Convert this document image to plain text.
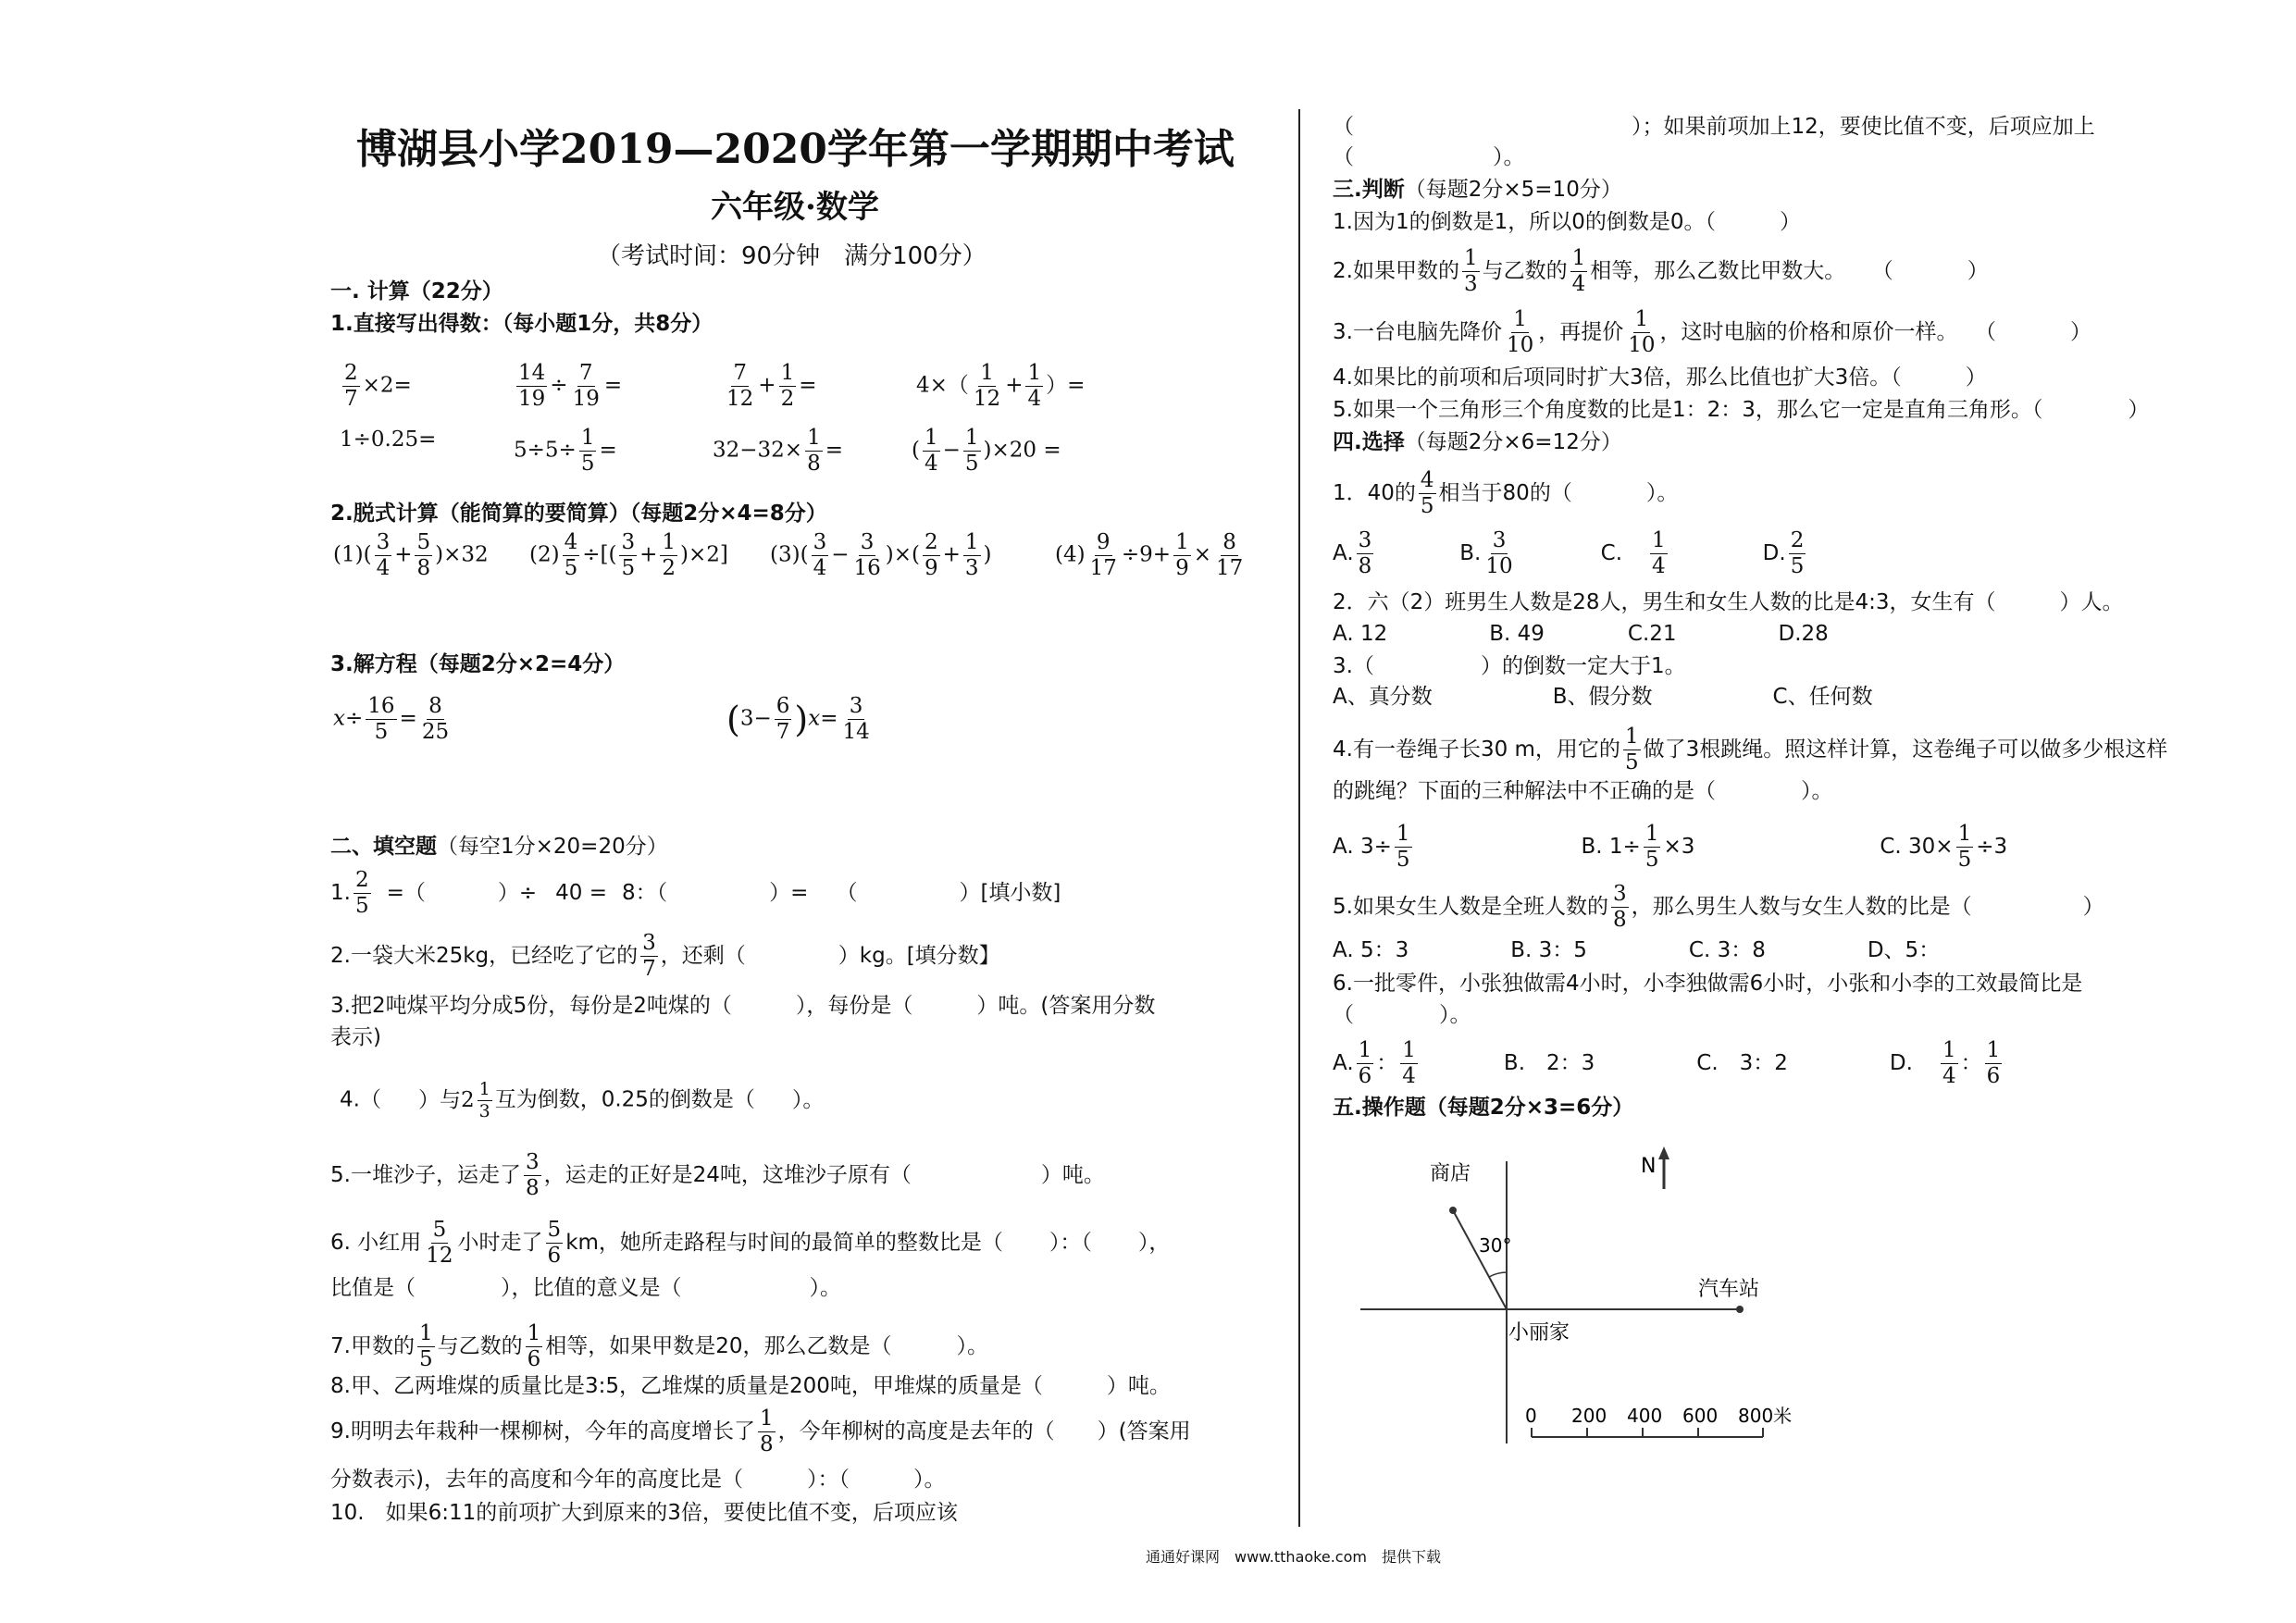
博湖县小学2019—2020学年第一学期期中考试
六年级·数学
（考试时间：90分钟　满分100分）
一. 计算（22分）
1.直接写出得数：（每小题1分，共8分）
$\frac{2}{7} \times 2=$	$\frac{14}{19} \div \frac{7}{19}$ =	$\frac{7}{12} + \frac{1}{2}$ =	$4\times( \frac{1}{12} + \frac{1}{4}$ ）=
1÷0.25=	$5\div 5\div \frac{1}{5}$ =	$32-32\times \frac{1}{8}$ =	( $\frac{1}{4} - \frac{1}{5} )\times 20$ =
2.脱式计算（能简算的要简算）（每题2分×4=8分）
$(1)( \frac{3}{4} + \frac{5}{8} )\times 32$ $(2) \frac{4}{5}$ ÷[( $\frac{3}{5} + \frac{1}{2} )\times 2$] $(3)( \frac{3}{4} - \frac{3}{16}$ )×( $\frac{2}{9} + \frac{1}{3}$ )	$(4) \frac{9}{17} \div 9+ \frac{1}{9} \times \frac{8}{17}$
3.解方程（每题2分×2=4分）
$x\div \frac{16}{5} = \frac{8}{25}$	$(3- \frac{6}{7} )x= \frac{3}{14}$
二、填空题（每空1分×20=20分）
1. $\frac{2}{5}$ =（	）÷ 40 = 8：（	）= （	）[填小数]
2.一袋大米25kg，已经吃了它的 $\frac{3}{7}$ ，还剩（	）kg。[填分数】
3.把2吨煤平均分成5份，每份是2吨煤的（　　　），每份是（　　　）吨。(答案用分数
表示)
4.（ ）与$2 \frac{1}{3}$ 互为倒数，0.25的倒数是（ ）。
5.一堆沙子，运走了 $\frac{3}{8}$ ，运走的正好是24吨，这堆沙子原有（	）吨。
6. 小红用 $\frac{5}{12}$ 小时走了 $\frac{5}{6}$ km，她所走路程与时间的最简单的整数比是（ ）：（ ），
比值是（　　　　），比值的意义是（　　　　　　）。
7.甲数的 $\frac{1}{5}$ 与乙数的 $\frac{1}{6}$ 相等，如果甲数是20，那么乙数是（	）。
8.甲、乙两堆煤的质量比是3:5，乙堆煤的质量是200吨，甲堆煤的质量是（　　　）吨。
9.明明去年栽种一棵柳树，今年的高度增长了 $\frac{1}{8}$ ，今年柳树的高度是去年的（　　）(答案用
分数表示)，去年的高度和今年的高度比是（　　　）：（　　　）。
10.　如果6:11的前项扩大到原来的3倍，要使比值不变，后项应该
（	）；如果前项加上12，要使比值不变，后项应加上
（	）。
三.判断（每题2分×5=10分）
1.因为1的倒数是1，所以0的倒数是0。（　　　）
2.如果甲数的 $\frac{1}{3}$ 与乙数的 $\frac{1}{4}$ 相等，那么乙数比甲数大。 （	）
3.一台电脑先降价 $\frac{1}{10}$ ，再提价 $\frac{1}{10}$ ，这时电脑的价格和原价一样。 （	）
4.如果比的前项和后项同时扩大3倍，那么比值也扩大3倍。（　　　）
5.如果一个三角形三个角度数的比是1：2：3，那么它一定是直角三角形。（　　　　）
四.选择（每题2分×6=12分）
1．40的 $\frac{4}{5}$ 相当于80的（	）。
A. $\frac{3}{8}$	B. $\frac{3}{10}$	C. $\frac{1}{4}$	D. $\frac{2}{5}$
2．六（2）班男生人数是28人，男生和女生人数的比是4:3，女生有（　　　）人。
A. 12	B. 49	C.21	D.28
3.（　　　　　）的倒数一定大于1。
A、真分数	B、假分数	C、任何数
4.有一卷绳子长30 m，用它的 $\frac{1}{5}$ 做了3根跳绳。照这样计算，这卷绳子可以做多少根这样
的跳绳？下面的三种解法中不正确的是（　　　　）。
A. $3\div \frac{1}{5}$	B. $1\div \frac{1}{5} \times 3$	C. $30\times \frac{1}{5} \div 3$
5.如果女生人数是全班人数的 $\frac{3}{8}$ ，那么男生人数与女生人数的比是（	）
A. 5：3	B. 3：5	C. 3：8	D、5：
6.一批零件，小张独做需4小时，小李独做需6小时，小张和小李的工效最简比是
（　　　　）。
A. $\frac{1}{6}$ ： $\frac{1}{4}$	B.　2：3	C.　3：2	D. $\frac{1}{4}$ ： $\frac{1}{6}$
五.操作题（每题2分×3=6分）
N
商店
30°
汽车站
小丽家
0 200 400 600 800米
通通好课网　www.tthaoke.com　提供下载
